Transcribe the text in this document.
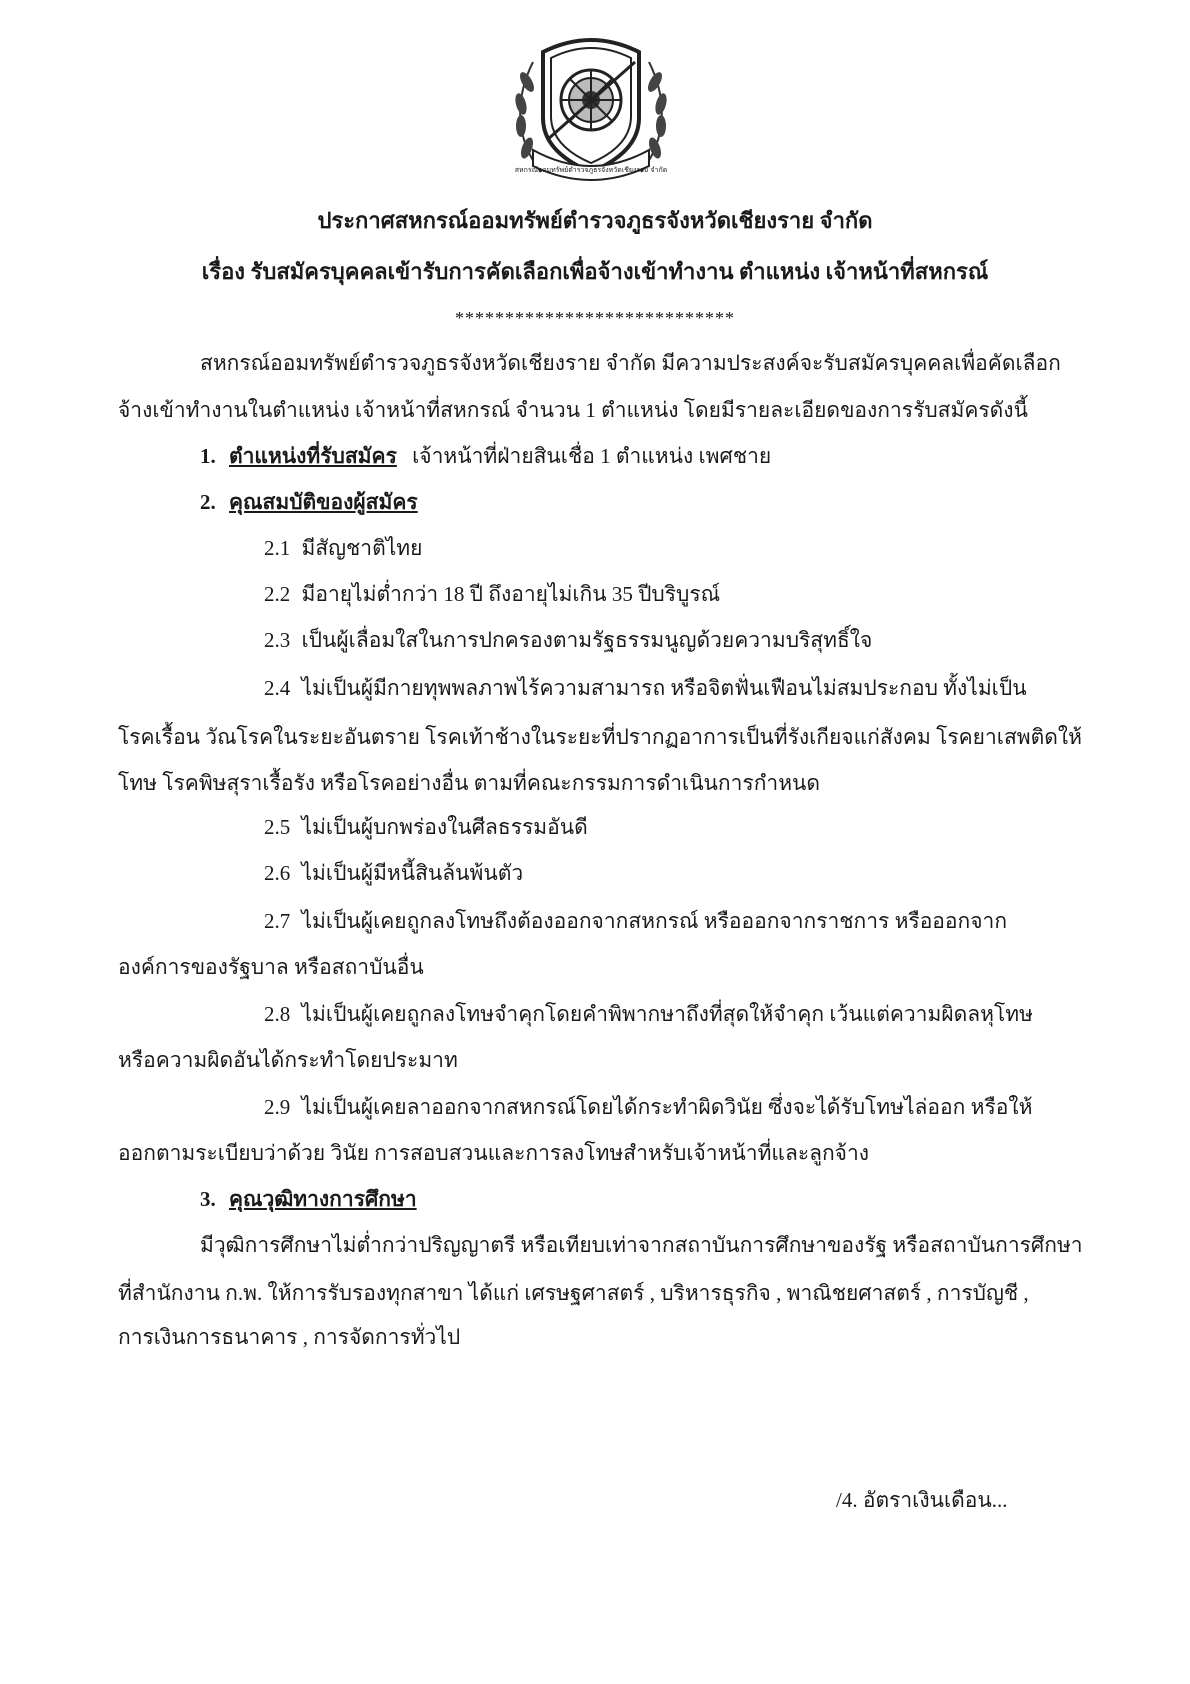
สหกรณ์ออมทรัพย์ตำรวจภูธรจังหวัดเชียงราย จำกัด
ประกาศสหกรณ์ออมทรัพย์ตำรวจภูธรจังหวัดเชียงราย จำกัด
เรื่อง รับสมัครบุคคลเข้ารับการคัดเลือกเพื่อจ้างเข้าทำงาน ตำแหน่ง เจ้าหน้าที่สหกรณ์
****************************
สหกรณ์ออมทรัพย์ตำรวจภูธรจังหวัดเชียงราย จำกัด มีความประสงค์จะรับสมัครบุคคลเพื่อคัดเลือก
จ้างเข้าทำงานในตำแหน่ง เจ้าหน้าที่สหกรณ์ จำนวน 1 ตำแหน่ง โดยมีรายละเอียดของการรับสมัครดังนี้
1. ตำแหน่งที่รับสมัคร เจ้าหน้าที่ฝ่ายสินเชื่อ 1 ตำแหน่ง เพศชาย
2. คุณสมบัติของผู้สมัคร
2.1 มีสัญชาติไทย
2.2 มีอายุไม่ต่ำกว่า 18 ปี ถึงอายุไม่เกิน 35 ปีบริบูรณ์
2.3 เป็นผู้เลื่อมใสในการปกครองตามรัฐธรรมนูญด้วยความบริสุทธิ์ใจ
2.4 ไม่เป็นผู้มีกายทุพพลภาพไร้ความสามารถ หรือจิตฟั่นเฟือนไม่สมประกอบ ทั้งไม่เป็น
โรคเรื้อน วัณโรคในระยะอันตราย โรคเท้าช้างในระยะที่ปรากฏอาการเป็นที่รังเกียจแก่สังคม โรคยาเสพติดให้
โทษ โรคพิษสุราเรื้อรัง หรือโรคอย่างอื่น ตามที่คณะกรรมการดำเนินการกำหนด
2.5 ไม่เป็นผู้บกพร่องในศีลธรรมอันดี
2.6 ไม่เป็นผู้มีหนี้สินล้นพ้นตัว
2.7 ไม่เป็นผู้เคยถูกลงโทษถึงต้องออกจากสหกรณ์ หรือออกจากราชการ หรือออกจาก
องค์การของรัฐบาล หรือสถาบันอื่น
2.8 ไม่เป็นผู้เคยถูกลงโทษจำคุกโดยคำพิพากษาถึงที่สุดให้จำคุก เว้นแต่ความผิดลหุโทษ
หรือความผิดอันได้กระทำโดยประมาท
2.9 ไม่เป็นผู้เคยลาออกจากสหกรณ์โดยได้กระทำผิดวินัย ซึ่งจะได้รับโทษไล่ออก หรือให้
ออกตามระเบียบว่าด้วย วินัย การสอบสวนและการลงโทษสำหรับเจ้าหน้าที่และลูกจ้าง
3. คุณวุฒิทางการศึกษา
มีวุฒิการศึกษาไม่ต่ำกว่าปริญญาตรี หรือเทียบเท่าจากสถาบันการศึกษาของรัฐ หรือสถาบันการศึกษา
ที่สำนักงาน ก.พ. ให้การรับรองทุกสาขา ได้แก่ เศรษฐศาสตร์ , บริหารธุรกิจ , พาณิชยศาสตร์ , การบัญชี ,
การเงินการธนาคาร , การจัดการทั่วไป
/4. อัตราเงินเดือน...
